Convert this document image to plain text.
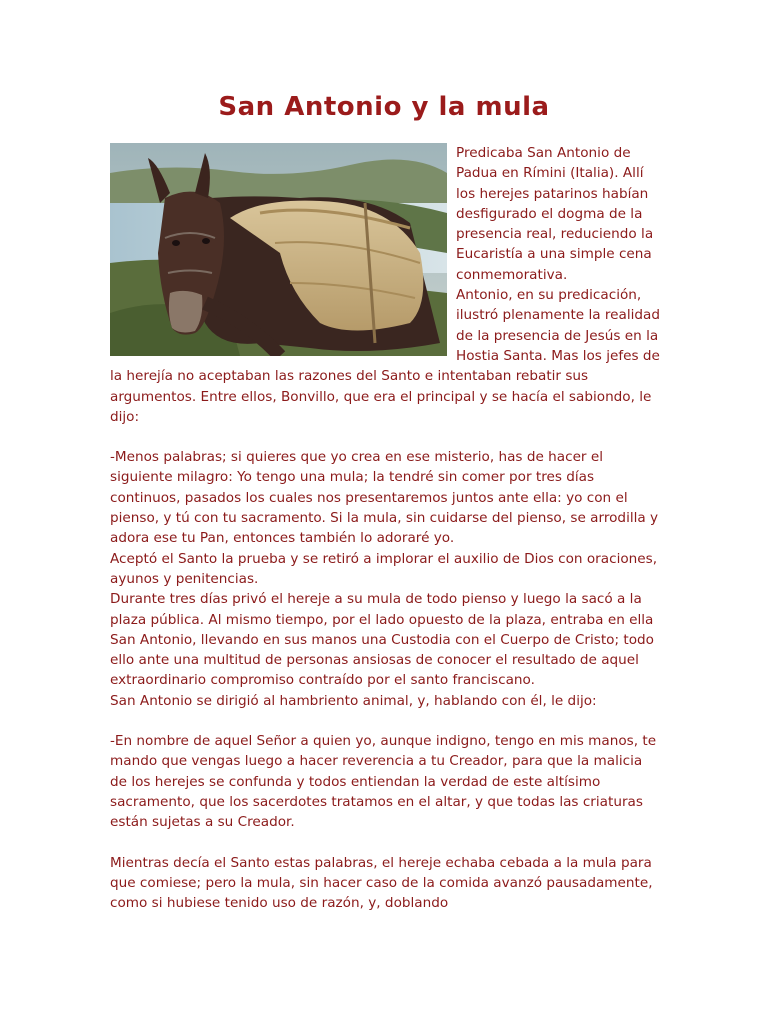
San Antonio y la mula

Predicaba San Antonio de Padua en Rímini (Italia). Allí los herejes patarinos habían desfigurado el dogma de la presencia real, reduciendo la Eucaristía a una simple cena conmemorativa.

Antonio, en su predicación, ilustró plenamente la realidad de la presencia de Jesús en la Hostia Santa. Mas los jefes de la herejía no aceptaban las razones del Santo e intentaban rebatir sus argumentos. Entre ellos, Bonvillo, que era el principal y se hacía el sabiondo, le dijo:

-Menos palabras; si quieres que yo crea en ese misterio, has de hacer el siguiente milagro: Yo tengo una mula; la tendré sin comer por tres días continuos, pasados los cuales nos presentaremos juntos ante ella: yo con el pienso, y tú con tu sacramento. Si la mula, sin cuidarse del pienso, se arrodilla y adora ese tu Pan, entonces también lo adoraré yo.

Aceptó el Santo la prueba y se retiró a implorar el auxilio de Dios con oraciones, ayunos y penitencias.

Durante tres días privó el hereje a su mula de todo pienso y luego la sacó a la plaza pública. Al mismo tiempo, por el lado opuesto de la plaza, entraba en ella San Antonio, llevando en sus manos una Custodia con el Cuerpo de Cristo; todo ello ante una multitud de personas ansiosas de conocer el resultado de aquel extraordinario compromiso contraído por el santo franciscano.

San Antonio se dirigió al hambriento animal, y, hablando con él, le dijo:

-En nombre de aquel Señor a quien yo, aunque indigno, tengo en mis manos, te mando que vengas luego a hacer reverencia a tu Creador, para que la malicia de los herejes se confunda y todos entiendan la verdad de este altísimo sacramento, que los sacerdotes tratamos en el altar, y que todas las criaturas están sujetas a su Creador.

Mientras decía el Santo estas palabras, el hereje echaba cebada a la mula para que comiese; pero la mula, sin hacer caso de la comida avanzó pausadamente, como si hubiese tenido uso de razón, y, doblando
